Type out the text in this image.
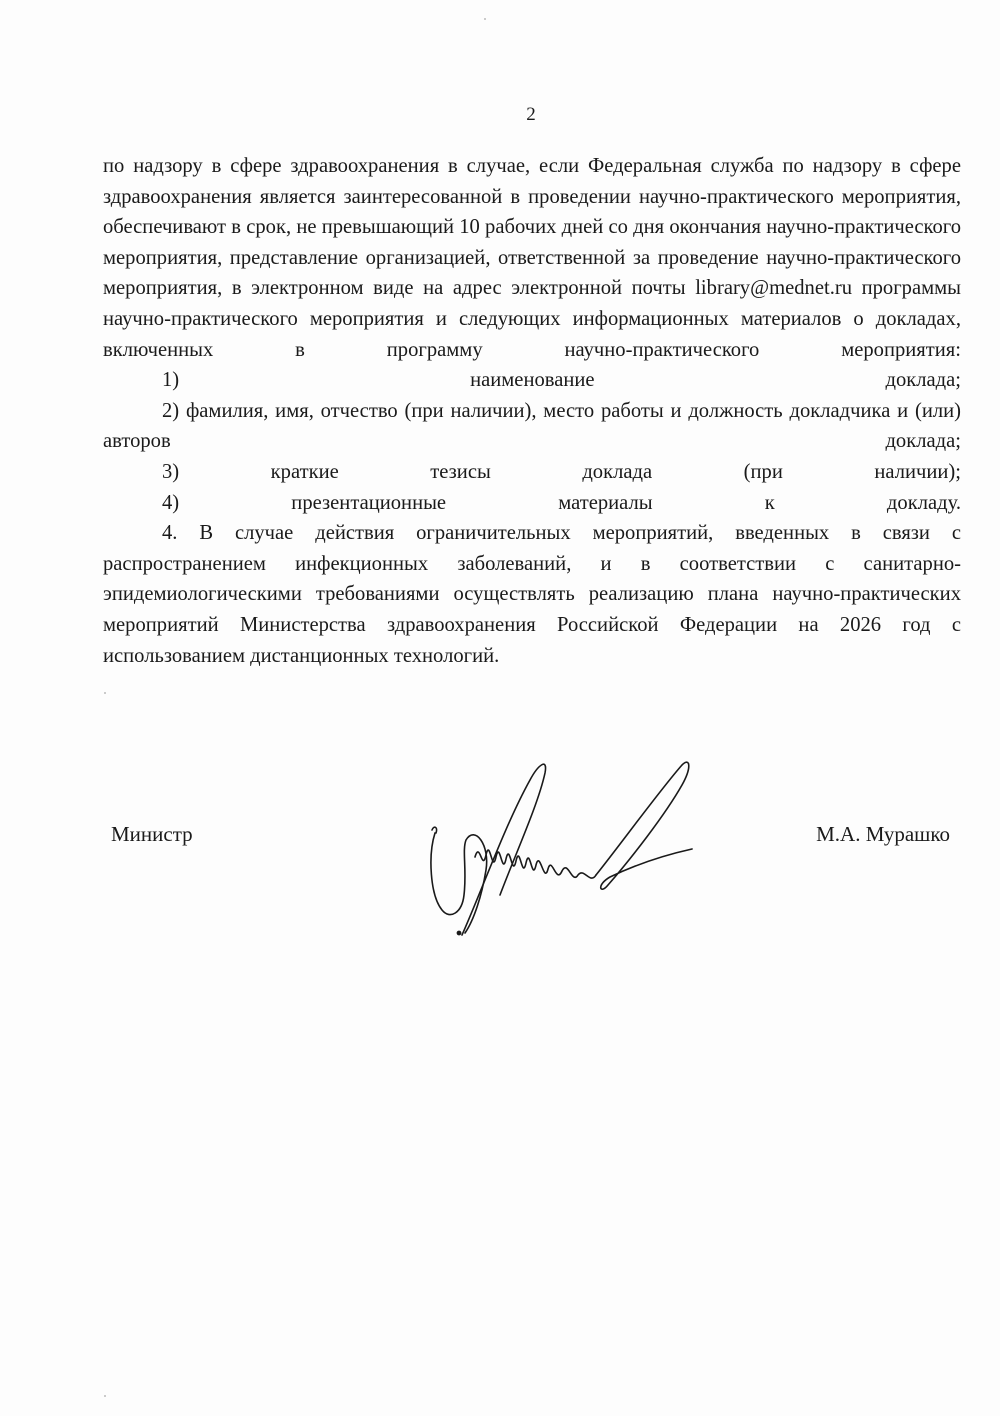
2

по надзору в сфере здравоохранения в случае, если Федеральная служба по надзору в сфере здравоохранения является заинтересованной в проведении научно-практического мероприятия, обеспечивают в срок, не превышающий 10 рабочих дней со дня окончания научно-практического мероприятия, представление организацией, ответственной за проведение научно-практического мероприятия, в электронном виде на адрес электронной почты library@mednet.ru программы научно-практического мероприятия и следующих информационных материалов о докладах, включенных в программу научно-практического мероприятия:

1) наименование доклада;

2) фамилия, имя, отчество (при наличии), место работы и должность докладчика и (или) авторов доклада;

3) краткие тезисы доклада (при наличии);

4) презентационные материалы к докладу.

4. В случае действия ограничительных мероприятий, введенных в связи с распространением инфекционных заболеваний, и в соответствии с санитарно-эпидемиологическими требованиями осуществлять реализацию плана научно-практических мероприятий Министерства здравоохранения Российской Федерации на 2026 год с использованием дистанционных технологий.

Министр	М.А. Мурашко
